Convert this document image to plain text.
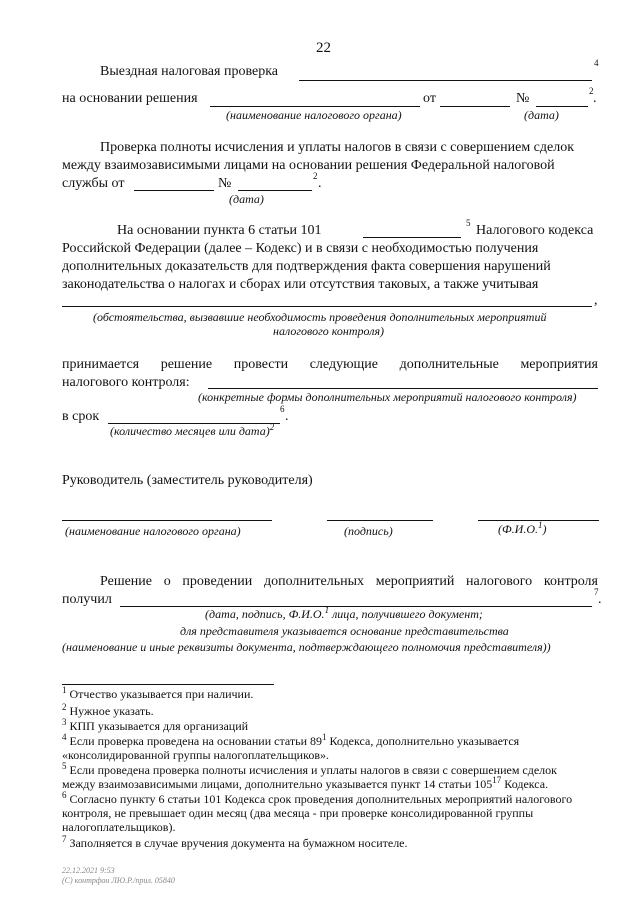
22
Выездная налоговая проверка
4
на основании решения	от	№	2 .
(наименование налогового органа)	(дата)
Проверка полноты исчисления и уплаты налогов в связи с совершением сделок
между взаимозависимыми лицами на основании решения Федеральной налоговой
службы от	№	2 .
(дата)
На основании пункта 6 статьи 101	5 Налогового кодекса
Российской Федерации (далее – Кодекс) и в связи с необходимостью получения
дополнительных доказательств для подтверждения факта совершения нарушений
законодательства о налогах и сборах или отсутствия таковых, а также учитывая
,
(обстоятельства, вызвавшие необходимость проведения дополнительных мероприятий
налогового контроля)
принимается решение провести следующие дополнительные мероприятия
налогового контроля:
(конкретные формы дополнительных мероприятий налогового контроля)
в срок	6 .
(количество месяцев или дата)$^2$
Руководитель (заместитель руководителя)
(наименование налогового органа)	(подпись)	(Ф.И.О.$^1$)
Решение о проведении дополнительных мероприятий налогового контроля
получил	7 .
(дата, подпись, Ф.И.О.$^1$ лица, получившего документ;
для представителя указывается основание представительства
(наименование и иные реквизиты документа, подтверждающего полномочия представителя))
$^1$ Отчество указывается при наличии.
$^2$ Нужное указать.
$^3$ КПП указывается для организаций
$^4$ Если проверка проведена на основании статьи $89^1$ Кодекса, дополнительно указывается
«консолидированной группы налогоплательщиков».
$^5$ Если проведена проверка полноты исчисления и уплаты налогов в связи с совершением сделок
между взаимозависимыми лицами, дополнительно указывается пункт 14 статьи $105^{17}$ Кодекса.
$^6$ Согласно пункту 6 статьи 101 Кодекса срок проведения дополнительных мероприятий налогового
контроля, не превышает один месяц (два месяца - при проверке консолидированной группы
налогоплательщиков).
$^7$ Заполняется в случае вручения документа на бумажном носителе.
22.12.2021 9:53
(С) контрфон ЛЮ.Р./прил. 05840
